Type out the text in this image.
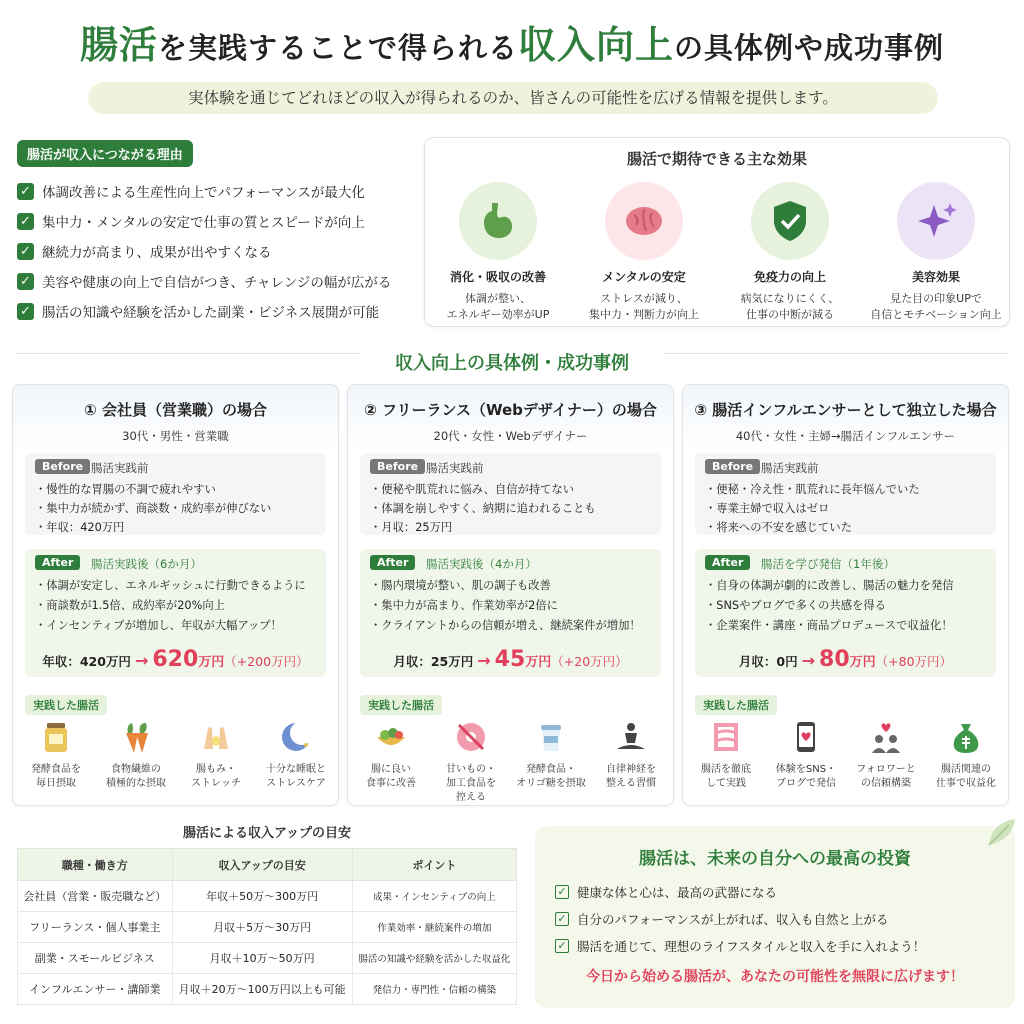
腸活を実践することで得られる収入向上の具体例や成功事例
実体験を通じてどれほどの収入が得られるのか、皆さんの可能性を広げる情報を提供します。
腸活が収入につながる理由
✓ 体調改善による生産性向上でパフォーマンスが最大化
✓ 集中力・メンタルの安定で仕事の質とスピードが向上
✓ 継続力が高まり、成果が出やすくなる
✓ 美容や健康の向上で自信がつき、チャレンジの幅が広がる
✓ 腸活の知識や経験を活かした副業・ビジネス展開が可能
腸活で期待できる主な効果
消化・吸収の改善
体調が整い、
エネルギー効率がUP
メンタルの安定
ストレスが減り、
集中力・判断力が向上
免疫力の向上
病気になりにくく、
仕事の中断が減る
美容効果
見た目の印象UPで
自信とモチベーション向上
収入向上の具体例・成功事例
① 会社員（営業職）の場合
30代・男性・営業職
Before 腸活実践前
・慢性的な胃腸の不調で疲れやすい
・集中力が続かず、商談数・成約率が伸びない
・年収：420万円
After	腸活実践後（6か月）
・体調が安定し、エネルギッシュに行動できるように
・商談数が1.5倍、成約率が20%向上
・インセンティブが増加し、年収が大幅アップ！
年収：420万円 → 620万円（+200万円）
実践した腸活
発酵食品を
毎日摂取
食物繊維の
積極的な摂取
腸もみ・
ストレッチ
十分な睡眠と
ストレスケア
② フリーランス（Webデザイナー）の場合
20代・女性・Webデザイナー
Before 腸活実践前
・便秘や肌荒れに悩み、自信が持てない
・体調を崩しやすく、納期に追われることも
・月収：25万円
After	腸活実践後（4か月）
・腸内環境が整い、肌の調子も改善
・集中力が高まり、作業効率が2倍に
・クライアントからの信頼が増え、継続案件が増加！
月収：25万円 → 45万円（+20万円）
実践した腸活
腸に良い
食事に改善
甘いもの・
加工食品を
控える
発酵食品・
オリゴ糖を摂取
自律神経を
整える習慣
③ 腸活インフルエンサーとして独立した場合
40代・女性・主婦→腸活インフルエンサー
Before 腸活実践前
・便秘・冷え性・肌荒れに長年悩んでいた
・専業主婦で収入はゼロ
・将来への不安を感じていた
After	腸活を学び発信（1年後）
・自身の体調が劇的に改善し、腸活の魅力を発信
・SNSやブログで多くの共感を得る
・企業案件・講座・商品プロデュースで収益化！
月収：0円 → 80万円（+80万円）
実践した腸活
腸活を徹底
して実践
体験をSNS・
ブログで発信
フォロワーと
の信頼構築
腸活関連の
仕事で収益化
腸活による収入アップの目安
職種・働き方	収入アップの目安	ポイント
会社員（営業・販売職など）	年収＋50万〜300万円	成果・インセンティブの向上
フリーランス・個人事業主	月収＋5万〜30万円	作業効率・継続案件の増加
副業・スモールビジネス	月収＋10万〜50万円	腸活の知識や経験を活かした収益化
インフルエンサー・講師業	月収＋20万〜100万円以上も可能	発信力・専門性・信頼の構築
腸活は、未来の自分への最高の投資
✓ 健康な体と心は、最高の武器になる
✓ 自分のパフォーマンスが上がれば、収入も自然と上がる
✓ 腸活を通じて、理想のライフスタイルと収入を手に入れよう！
今日から始める腸活が、あなたの可能性を無限に広げます！
